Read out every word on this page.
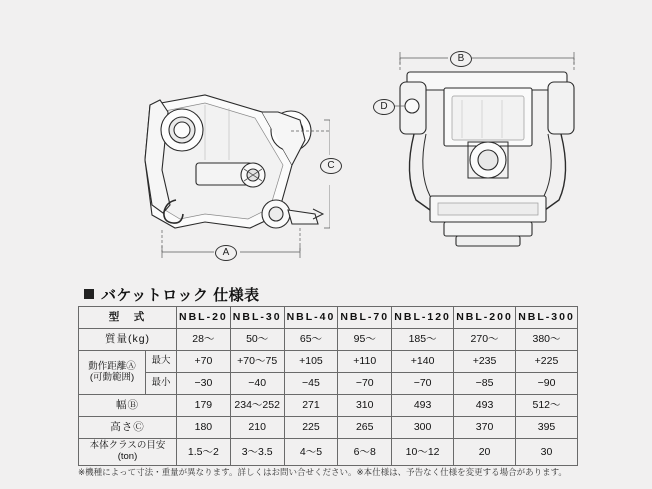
A
C
B
D
バケットロック 仕様表
型　式		NBL-20	NBL-30	NBL-40	NBL-70	NBL-120	NBL-200	NBL-300
質量(kg)		28～	50～	65～	95～	185～	270～	380～

動作距離Ⓐ
(可動範囲)	最大	+70	+70～75	+105	+110	+140	+235	+225
	最小	−30	−40	−45	−70	−70	−85	−90
幅Ⓑ		179	234～252	271	310	493	493	512～
高さⒸ		180	210	225	265	300	370	395
本体クラスの目安(ton)		1.5～2	3～3.5	4～5	6～8	10～12	20	30
※機種によって寸法・重量が異なります。詳しくはお問い合せください。※本仕様は、予告なく仕様を変更する場合があります。
